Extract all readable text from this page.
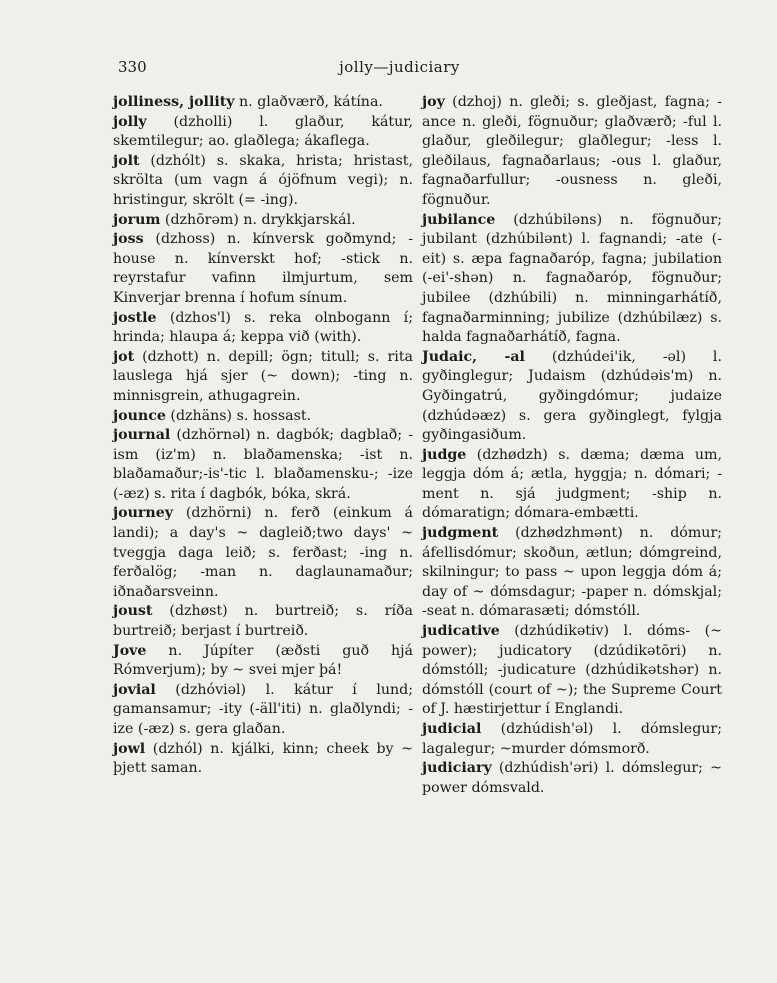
330	jolly—judiciary

jolliness, jollity n. glaðværð, kátína.

jolly (dzholli) l. glaður, kátur, skemtilegur; ao. glaðlega; ákaflega.

jolt (dzhólt) s. skaka, hrista; hristast, skrölta (um vagn á ójöfnum vegi); n. hristingur, skrölt (= -ing).

jorum (dzhōrəm) n. drykkjarskál.

joss (dzhoss) n. kínversk goðmynd; -house n. kínverskt hof; -stick n. reyrstafur vafinn ilmjurtum, sem Kinverjar brenna í hofum sínum.

jostle (dzhos'l) s. reka olnbogann í; hrinda; hlaupa á; keppa við (with).

jot (dzhott) n. depill; ögn; titull; s. rita lauslega hjá sjer (~ down); -ting n. minnisgrein, athugagrein.

jounce (dzhäns) s. hossast.

journal (dzhörnəl) n. dagbók; dagblað; -ism (iz'm) n. blaðamenska; -ist n. blaðamaður;-is'-tic l. blaðamensku-; -ize (-æz) s. rita í dagbók, bóka, skrá.

journey (dzhörni) n. ferð (einkum á landi); a day's ~ dagleið;two days' ~ tveggja daga leið; s. ferðast; -ing n. ferðalög; -man n. daglaunamaður; iðnaðarsveinn.

joust (dzhøst) n. burtreið; s. ríða burtreið; berjast í burtreið.

Jove n. Júpíter (æðsti guð hjá Rómverjum); by ~ svei mjer þá!

jovial (dzhóviəl) l. kátur í lund; gamansamur; -ity (-äll'iti) n. glaðlyndi; -ize (-æz) s. gera glaðan.

jowl (dzhól) n. kjálki, kinn; cheek by ~ þjett saman.

joy (dzhoj) n. gleði; s. gleðjast, fagna; -ance n. gleði, fögnuður; glaðværð; -ful l. glaður, gleðilegur; glaðlegur; -less l. gleðilaus, fagnaðarlaus; -ous l. glaður, fagnaðarfullur; -ousness n. gleði, fögnuður.

jubilance (dzhúbiləns) n. fögnuður; jubilant (dzhúbilənt) l. fagnandi; -ate (-eit) s. æpa fagnaðaróp, fagna; jubilation (-ei'-shən) n. fagnaðaróp, fögnuður; jubilee (dzhúbili) n. minningarhátíð, fagnaðarminning; jubilize (dzhúbilæz) s. halda fagnaðarhátíð, fagna.

Judaic, -al (dzhúdei'ik, -əl) l. gyðinglegur; Judaism (dzhúdəis'm) n. Gyðingatrú, gyðingdómur; judaize (dzhúdəæz) s. gera gyðinglegt, fylgja gyðingasiðum.

judge (dzhødzh) s. dæma; dæma um, leggja dóm á; ætla, hyggja; n. dómari; -ment n. sjá judgment; -ship n. dómaratign; dómara-embætti.

judgment (dzhødzhmənt) n. dómur; áfellisdómur; skoðun, ætlun; dómgreind, skilningur; to pass ~ upon leggja dóm á; day of ~ dómsdagur; -paper n. dómskjal; -seat n. dómarasæti; dómstóll.

judicative (dzhúdikətiv) l. dóms- (~ power); judicatory (dzúdikətōri) n. dómstóll; -judicature (dzhúdikətshər) n. dómstóll (court of ~); the Supreme Court of J. hæstirjettur í Englandi.

judicial (dzhúdish'əl) l. dómslegur; lagalegur; ~murder dómsmorð.

judiciary (dzhúdish'əri) l. dómslegur; ~ power dómsvald.
